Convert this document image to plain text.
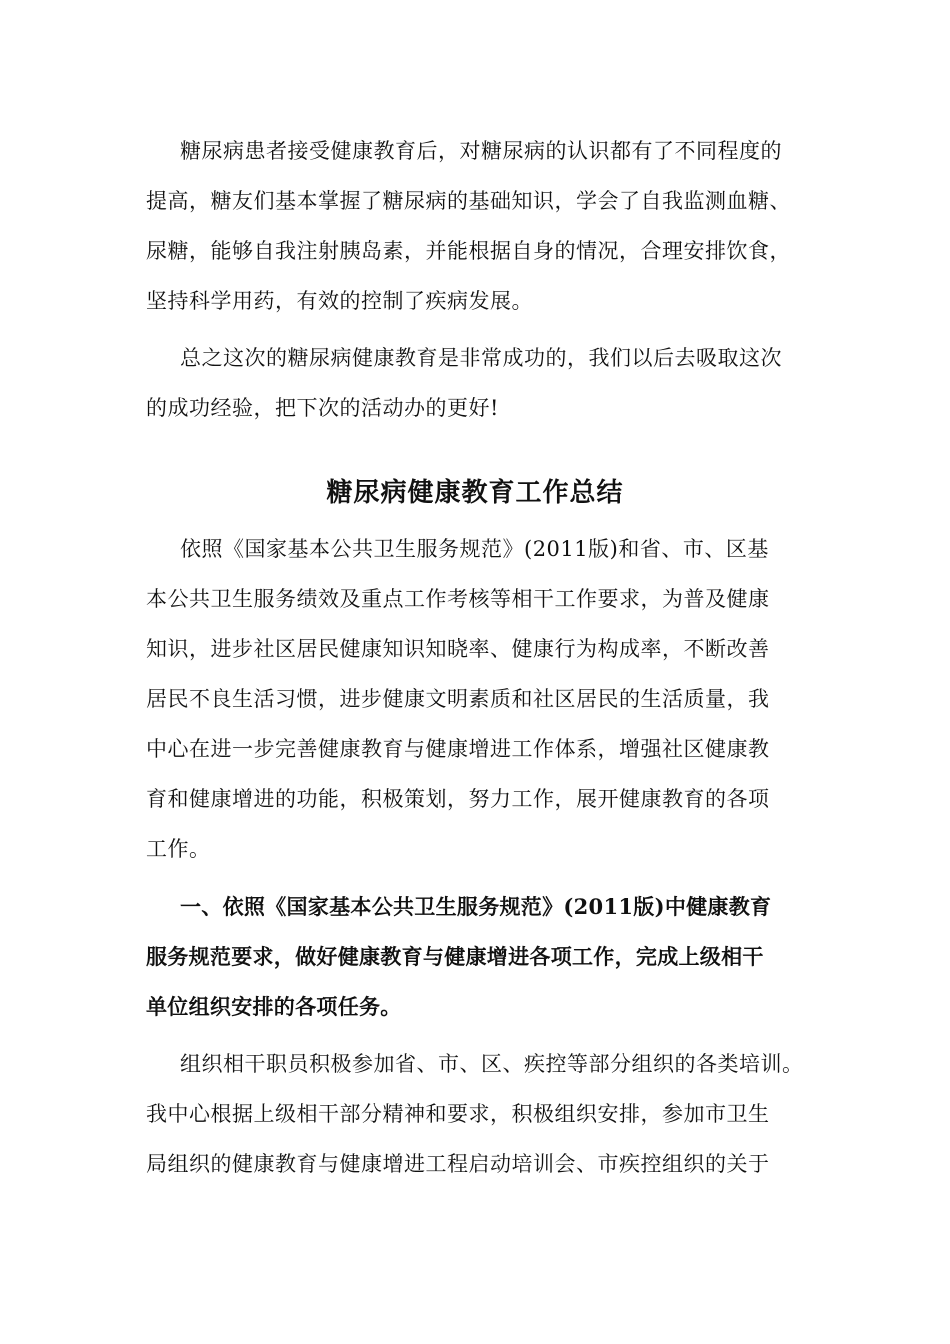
糖尿病患者接受健康教育后，对糖尿病的认识都有了不同程度的
提高，糖友们基本掌握了糖尿病的基础知识，学会了自我监测血糖、
尿糖，能够自我注射胰岛素，并能根据自身的情况，合理安排饮食，
坚持科学用药，有效的控制了疾病发展。
总之这次的糖尿病健康教育是非常成功的，我们以后去吸取这次
的成功经验，把下次的活动办的更好!
糖尿病健康教育工作总结
依照《国家基本公共卫生服务规范》(2011版)和省、市、区基
本公共卫生服务绩效及重点工作考核等相干工作要求，为普及健康
知识，进步社区居民健康知识知晓率、健康行为构成率，不断改善
居民不良生活习惯，进步健康文明素质和社区居民的生活质量，我
中心在进一步完善健康教育与健康增进工作体系，增强社区健康教
育和健康增进的功能，积极策划，努力工作，展开健康教育的各项
工作。
一、依照《国家基本公共卫生服务规范》(2011版)中健康教育
服务规范要求，做好健康教育与健康增进各项工作，完成上级相干
单位组织安排的各项任务。
组织相干职员积极参加省、市、区、疾控等部分组织的各类培训。
我中心根据上级相干部分精神和要求，积极组织安排，参加市卫生
局组织的健康教育与健康增进工程启动培训会、市疾控组织的关于
